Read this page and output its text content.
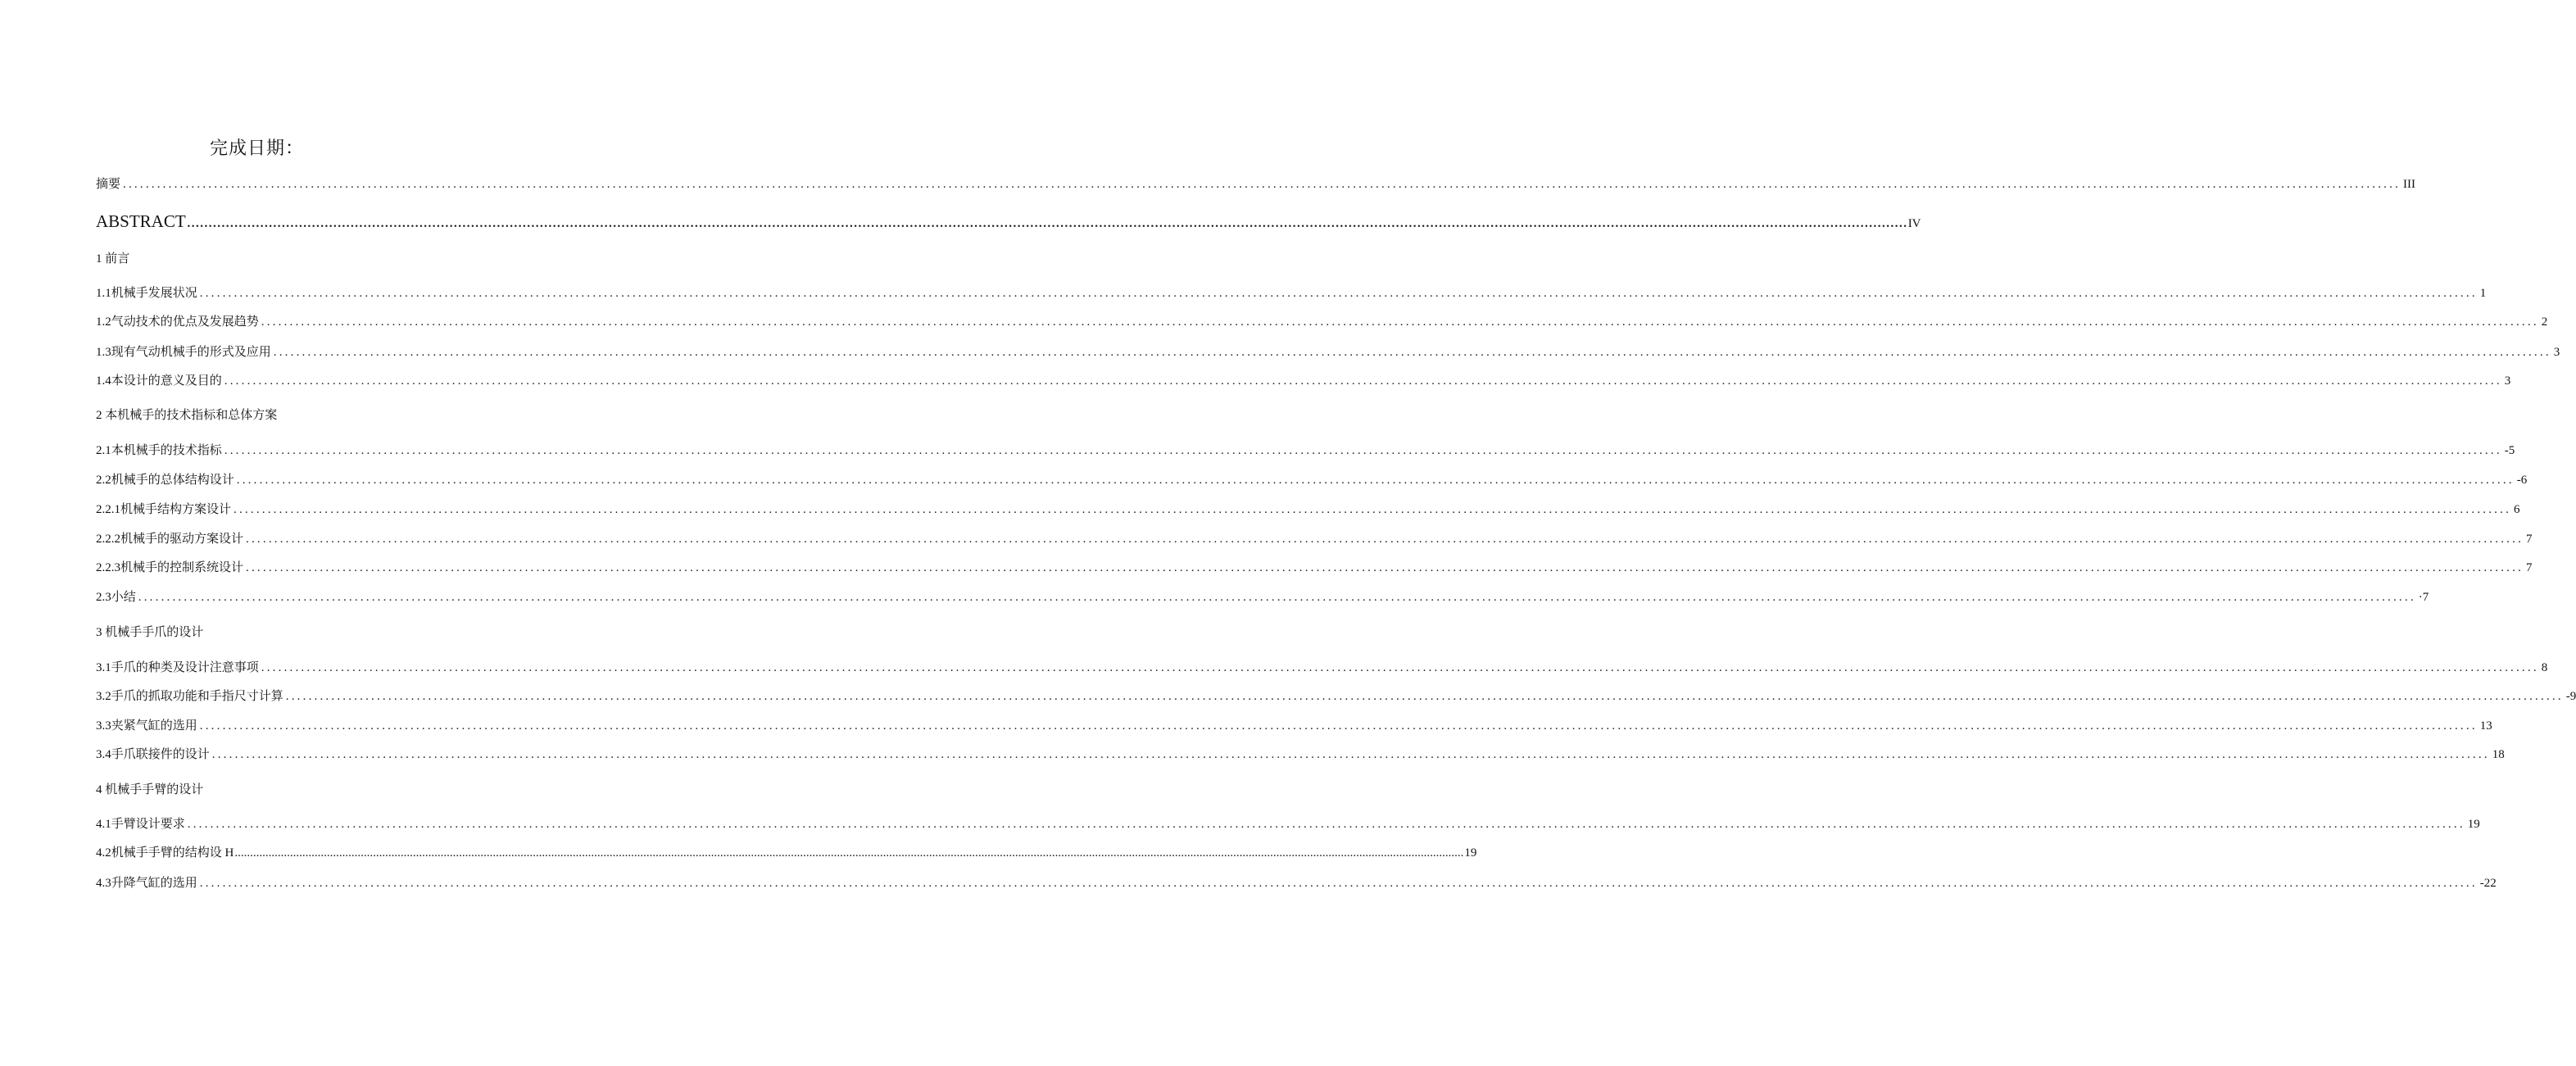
完成日期：
摘要 ................................................................................................................................................................................................................................................................................................................................................................................................................ III
ABSTRACT ................................................................................................................................................................................................................................................................................................................................................................................................................ IV
1 前言
1.1 机械手发展状况 ................................................................................................................................................................................................................................................................................................................................................................................................................ 1
1.2 气动技术的优点及发展趋势 ................................................................................................................................................................................................................................................................................................................................................................................................................ 2
1.3 现有气动机械手的形式及应用 ................................................................................................................................................................................................................................................................................................................................................................................................................ 3
1.4 本设计的意义及目的 ................................................................................................................................................................................................................................................................................................................................................................................................................ 3
2 本机械手的技术指标和总体方案
2.1 本机械手的技术指标 ................................................................................................................................................................................................................................................................................................................................................................................................................ -5
2.2 机械手的总体结构设计 ................................................................................................................................................................................................................................................................................................................................................................................................................ -6
2.2.1 机械手结构方案设计 ................................................................................................................................................................................................................................................................................................................................................................................................................ 6
2.2.2 机械手的驱动方案设计 ................................................................................................................................................................................................................................................................................................................................................................................................................ 7
2.2.3 机械手的控制系统设计 ................................................................................................................................................................................................................................................................................................................................................................................................................ 7
2.3 小结 ................................................................................................................................................................................................................................................................................................................................................................................................................ ·7
3 机械手手爪的设计
3.1 手爪的种类及设计注意事项 ................................................................................................................................................................................................................................................................................................................................................................................................................ 8
3.2 手爪的抓取功能和手指尺寸计算 ................................................................................................................................................................................................................................................................................................................................................................................................................ -9
3.3 夹紧气缸的选用 ................................................................................................................................................................................................................................................................................................................................................................................................................ 13
3.4 手爪联接件的设计 ................................................................................................................................................................................................................................................................................................................................................................................................................ 18
4 机械手手臂的设计
4.1 手臂设计要求 ................................................................................................................................................................................................................................................................................................................................................................................................................ 19
4.2 机械手手臂的结构设 H ................................................................................................................................................................................................................................................................................................................................................................................................................ 19
4.3 升降气缸的选用 ................................................................................................................................................................................................................................................................................................................................................................................................................ -22
